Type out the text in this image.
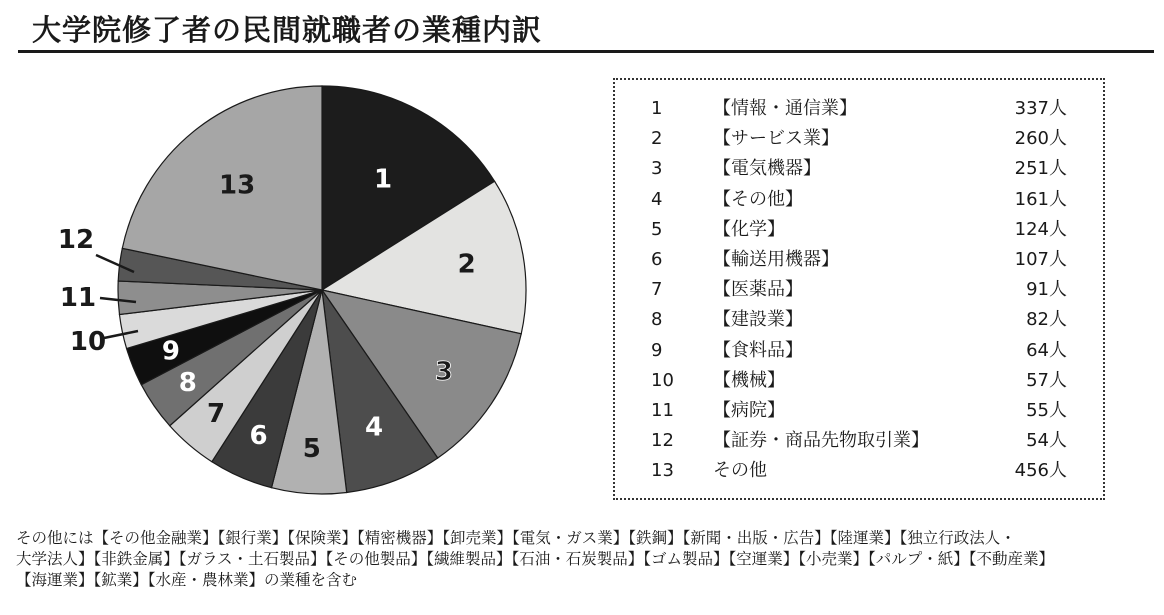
大学院修了者の民間就職者の業種内訳
1
2
3
4
5
6
7
8
9
10
11
12
13
1	【情報・通信業】	337人
2	【サービス業】	260人
3	【電気機器】	251人
4	【その他】	161人
5	【化学】	124人
6	【輸送用機器】	107人
7	【医薬品】	91人
8	【建設業】	82人
9	【食料品】	64人
10	【機械】	57人
11	【病院】	55人
12	【証券・商品先物取引業】	54人
13	その他	456人
その他には【その他金融業】【銀行業】【保険業】【精密機器】【卸売業】【電気・ガス業】【鉄鋼】【新聞・出版・広告】【陸運業】【独立行政法人・
大学法人】【非鉄金属】【ガラス・土石製品】【その他製品】【繊維製品】【石油・石炭製品】【ゴム製品】【空運業】【小売業】【パルプ・紙】【不動産業】
【海運業】【鉱業】【水産・農林業】の業種を含む
